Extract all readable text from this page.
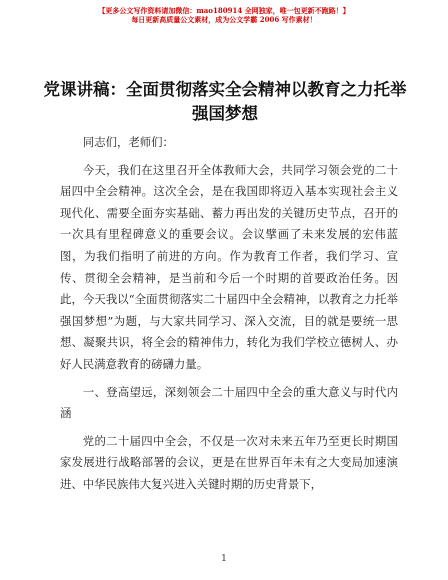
【更多公文写作资料请加微信：mao180914 全网独家，唯一包更新不跑路！】
每日更新高质量公文素材，成为公文学霸 2006 写作素材！
党课讲稿：全面贯彻落实全会精神以教育之力托举强国梦想

同志们，老师们：

今天，我们在这里召开全体教师大会，共同学习领会党的二十届四中全会精神。这次全会，是在我国即将迈入基本实现社会主义现代化、需要全面夯实基础、蓄力再出发的关键历史节点，召开的一次具有里程碑意义的重要会议。会议擘画了未来发展的宏伟蓝图，为我们指明了前进的方向。作为教育工作者，我们学习、宣传、贯彻全会精神，是当前和今后一个时期的首要政治任务。因此，今天我以“全面贯彻落实二十届四中全会精神，以教育之力托举强国梦想”为题，与大家共同学习、深入交流，目的就是要统一思想、凝聚共识，将全会的精神伟力，转化为我们学校立德树人、办好人民满意教育的磅礴力量。

一、登高望远，深刻领会二十届四中全会的重大意义与时代内涵

党的二十届四中全会，不仅是一次对未来五年乃至更长时期国家发展进行战略部署的会议，更是在世界百年未有之大变局加速演进、中华民族伟大复兴进入关键时期的历史背景下，

1
